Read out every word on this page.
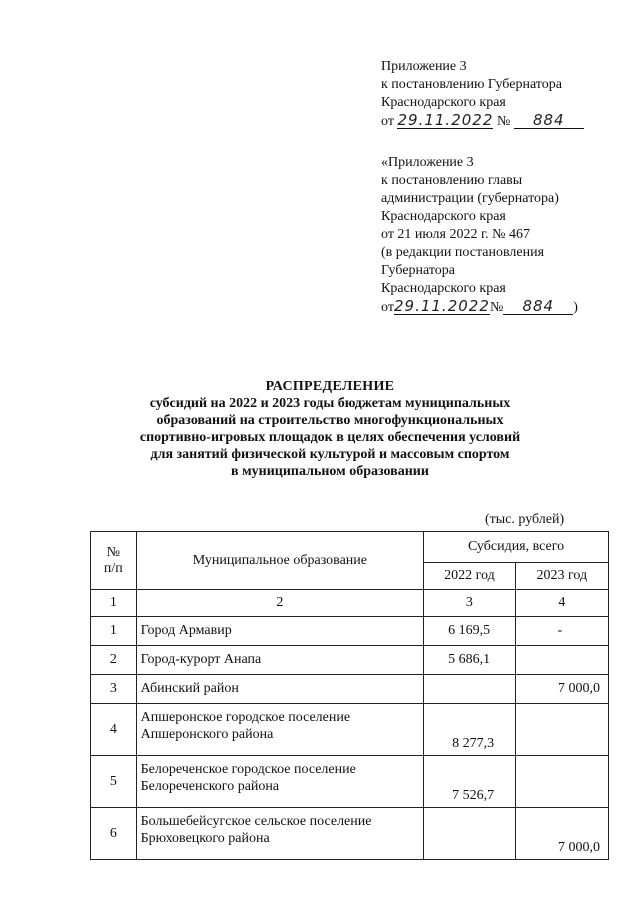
Приложение 3
к постановлению Губернатора
Краснодарского края
от 29.11.2022 № 884
«Приложение 3
к постановлению главы
администрации (губернатора)
Краснодарского края
от 21 июля 2022 г. № 467
(в редакции постановления
Губернатора
Краснодарского края
от29.11.2022№ 884 )
РАСПРЕДЕЛЕНИЕ
субсидий на 2022 и 2023 годы бюджетам муниципальных
образований на строительство многофункциональных
спортивно-игровых площадок в целях обеспечения условий
для занятий физической культурой и массовым спортом
в муниципальном образовании
(тыс. рублей)
№
п/п	Муниципальное образование	Субсидия, всего	
		2022 год	2023 год
1	2	3	4
1	Город Армавир	6 169,5	-
2	Город-курорт Анапа	5 686,1	
3	Абинский район		7 000,0
4	Апшеронское городское поселение
Апшеронского района	8 277,3	
5	Белореченское городское поселение
Белореченского района	7 526,7	
6	Большебейсугское сельское поселение
Брюховецкого района		7 000,0
